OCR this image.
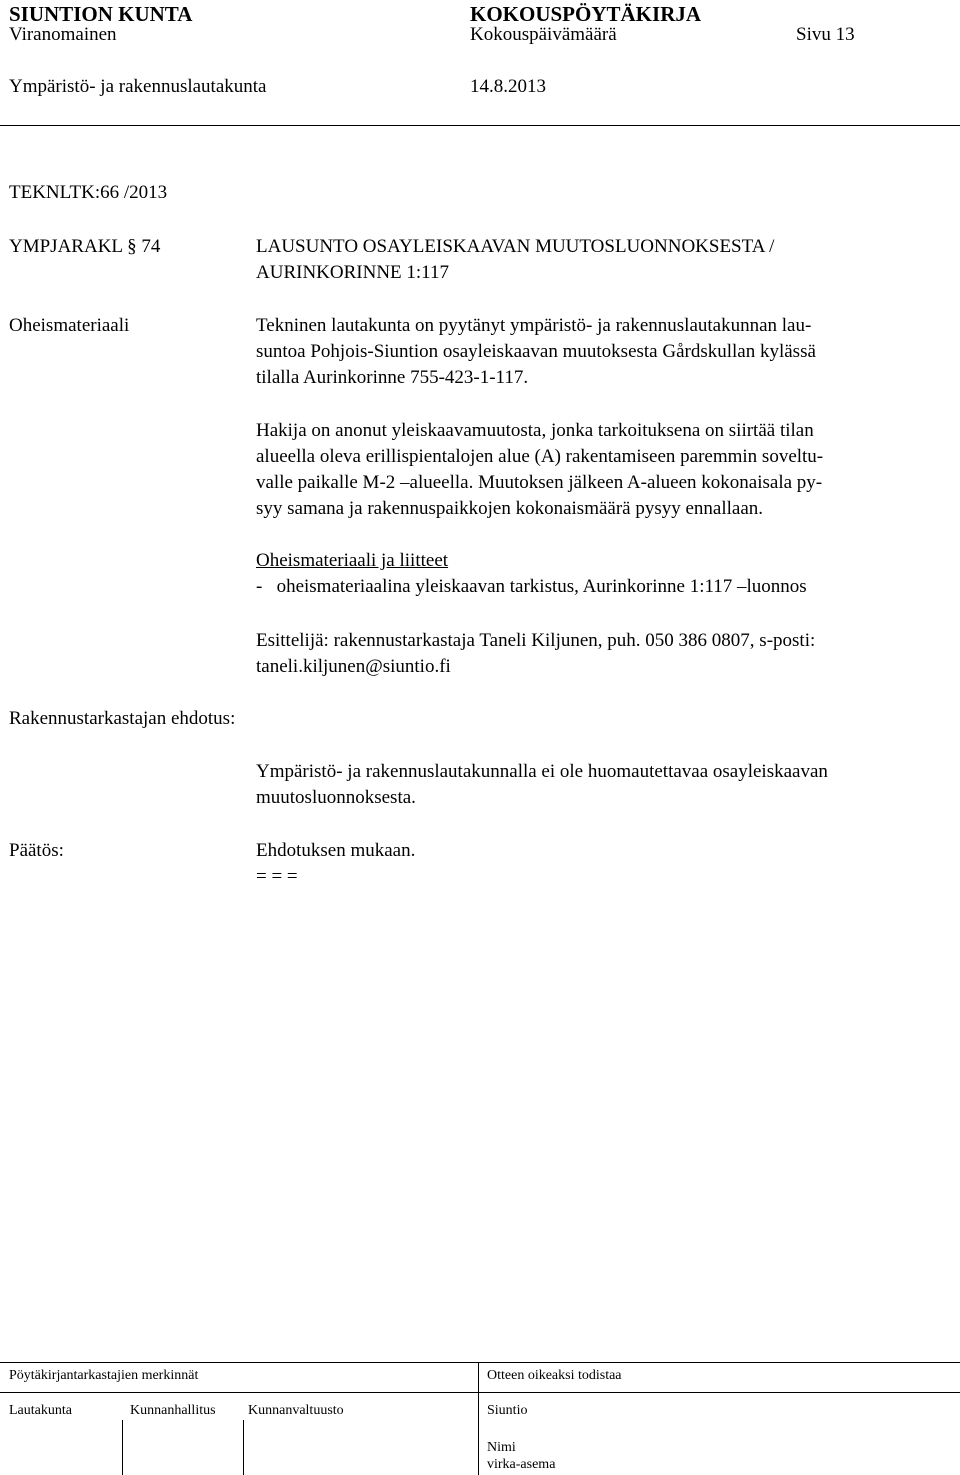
SIUNTION KUNTA	KOKOUSPÖYTÄKIRJA
Viranomainen	Kokouspäivämäärä	Sivu 13
Ympäristö- ja rakennuslautakunta	14.8.2013
TEKNLTK:66 /2013
YMPJARAKL § 74	LAUSUNTO OSAYLEISKAAVAN MUUTOSLUONNOKSESTA /
AURINKORINNE 1:117
Oheismateriaali	Tekninen lautakunta on pyytänyt ympäristö- ja rakennuslautakunnan lau-
suntoa Pohjois-Siuntion osayleiskaavan muutoksesta Gårdskullan kylässä
tilalla Aurinkorinne 755-423-1-117.
Hakija on anonut yleiskaavamuutosta, jonka tarkoituksena on siirtää tilan
alueella oleva erillispientalojen alue (A) rakentamiseen paremmin soveltu-
valle paikalle M-2 –alueella. Muutoksen jälkeen A-alueen kokonaisala py-
syy samana ja rakennuspaikkojen kokonaismäärä pysyy ennallaan.
Oheismateriaali ja liitteet
-   oheismateriaalina yleiskaavan tarkistus, Aurinkorinne 1:117 –luonnos
Esittelijä: rakennustarkastaja Taneli Kiljunen, puh. 050 386 0807, s-posti:
taneli.kiljunen@siuntio.fi
Rakennustarkastajan ehdotus:
Ympäristö- ja rakennuslautakunnalla ei ole huomautettavaa osayleiskaavan
muutosluonnoksesta.
Päätös:	Ehdotuksen mukaan.
= = =
Pöytäkirjantarkastajien merkinnät	Otteen oikeaksi todistaa
Lautakunta	Kunnanhallitus Kunnanvaltuusto	Siuntio
Nimi
virka-asema
